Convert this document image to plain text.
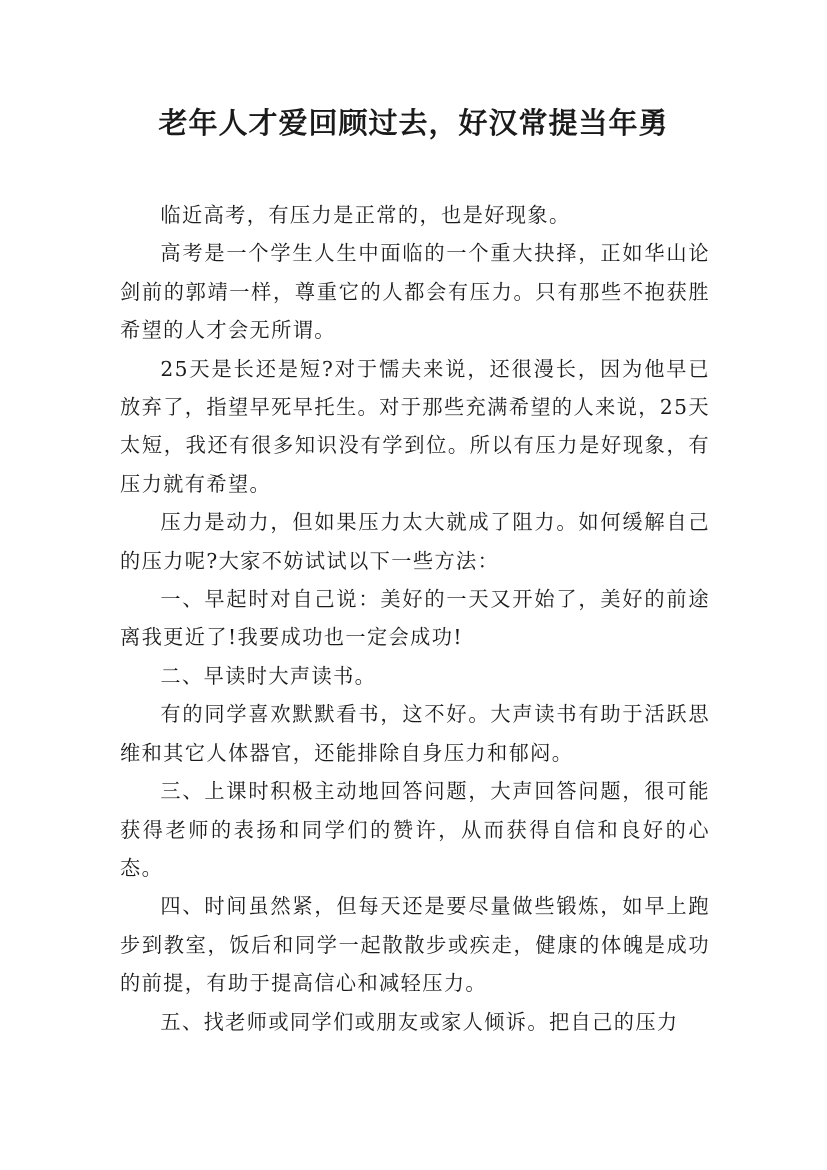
老年人才爱回顾过去，好汉常提当年勇

临近高考，有压力是正常的，也是好现象。

高考是一个学生人生中面临的一个重大抉择，正如华山论剑前的郭靖一样，尊重它的人都会有压力。只有那些不抱获胜希望的人才会无所谓。

25天是长还是短?对于懦夫来说，还很漫长，因为他早已放弃了，指望早死早托生。对于那些充满希望的人来说，25天太短，我还有很多知识没有学到位。所以有压力是好现象，有压力就有希望。

压力是动力，但如果压力太大就成了阻力。如何缓解自己的压力呢?大家不妨试试以下一些方法：

一、早起时对自己说：美好的一天又开始了，美好的前途离我更近了!我要成功也一定会成功!

二、早读时大声读书。

有的同学喜欢默默看书，这不好。大声读书有助于活跃思维和其它人体器官，还能排除自身压力和郁闷。

三、上课时积极主动地回答问题，大声回答问题，很可能获得老师的表扬和同学们的赞许，从而获得自信和良好的心态。

四、时间虽然紧，但每天还是要尽量做些锻炼，如早上跑步到教室，饭后和同学一起散散步或疾走，健康的体魄是成功的前提，有助于提高信心和减轻压力。

五、找老师或同学们或朋友或家人倾诉。把自己的压力
